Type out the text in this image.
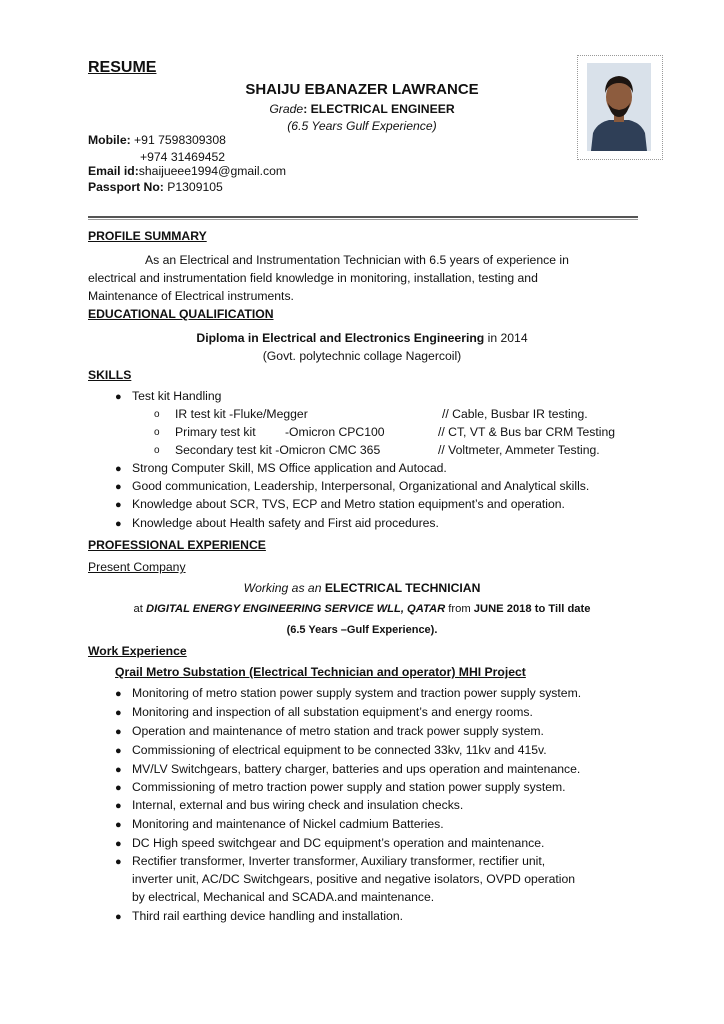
RESUME
SHAIJU EBANAZER LAWRANCE
Grade: ELECTRICAL ENGINEER
(6.5 Years Gulf Experience)
Mobile: +91 7598309308
+974 31469452
Email id:shaijueee1994@gmail.com
Passport No: P1309105
PROFILE SUMMARY
As an Electrical and Instrumentation Technician with 6.5 years of experience in
electrical and instrumentation field knowledge in monitoring, installation, testing and
Maintenance of Electrical instruments.
EDUCATIONAL QUALIFICATION
Diploma in Electrical and Electronics Engineering in 2014
(Govt. polytechnic collage Nagercoil)
SKILLS
● Test kit Handling
o IR test kit -Fluke/Megger	// Cable, Busbar IR testing.
o Primary test kit -Omicron CPC100	// CT, VT & Bus bar CRM Testing
o Secondary test kit -Omicron CMC 365	// Voltmeter, Ammeter Testing.
● Strong Computer Skill, MS Office application and Autocad.
● Good communication, Leadership, Interpersonal, Organizational and Analytical skills.
● Knowledge about SCR, TVS, ECP and Metro station equipment’s and operation.
● Knowledge about Health safety and First aid procedures.
PROFESSIONAL EXPERIENCE
Present Company
Working as an ELECTRICAL TECHNICIAN
at DIGITAL ENERGY ENGINEERING SERVICE WLL, QATAR from JUNE 2018 to Till date
(6.5 Years –Gulf Experience).
Work Experience
Qrail Metro Substation (Electrical Technician and operator) MHI Project
● Monitoring of metro station power supply system and traction power supply system.
● Monitoring and inspection of all substation equipment’s and energy rooms.
● Operation and maintenance of metro station and track power supply system.
● Commissioning of electrical equipment to be connected 33kv, 11kv and 415v.
● MV/LV Switchgears, battery charger, batteries and ups operation and maintenance.
● Commissioning of metro traction power supply and station power supply system.
● Internal, external and bus wiring check and insulation checks.
● Monitoring and maintenance of Nickel cadmium Batteries.
● DC High speed switchgear and DC equipment’s operation and maintenance.
● Rectifier transformer, Inverter transformer, Auxiliary transformer, rectifier unit,
inverter unit, AC/DC Switchgears, positive and negative isolators, OVPD operation
by electrical, Mechanical and SCADA.and maintenance.
● Third rail earthing device handling and installation.
